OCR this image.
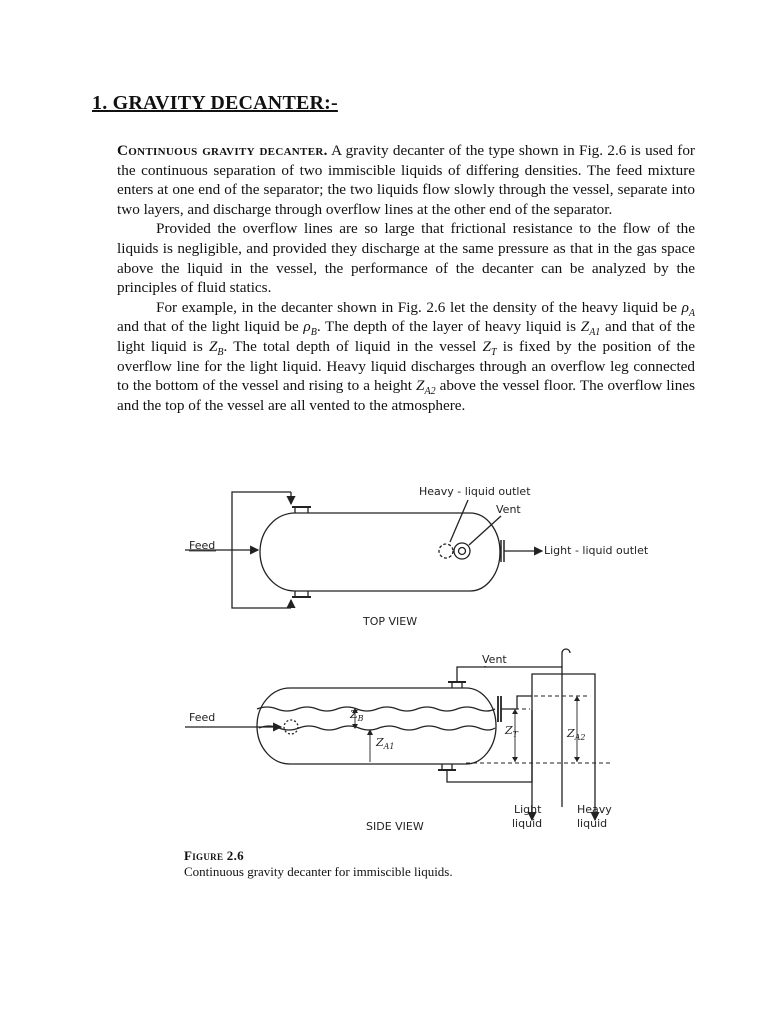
1. GRAVITY DECANTER:-

Continuous gravity decanter. A gravity decanter of the type shown in Fig. 2.6 is used for the continuous separation of two immiscible liquids of differing densities. The feed mixture enters at one end of the separator; the two liquids flow slowly through the vessel, separate into two layers, and discharge through overflow lines at the other end of the separator.

Provided the overflow lines are so large that frictional resistance to the flow of the liquids is negligible, and provided they discharge at the same pressure as that in the gas space above the liquid in the vessel, the performance of the decanter can be analyzed by the principles of fluid statics.

For example, in the decanter shown in Fig. 2.6 let the density of the heavy liquid be $\rho_A$ and that of the light liquid be $\rho_B$. The depth of the layer of heavy liquid is $Z_{A1}$ and that of the light liquid is $Z_B$. The total depth of liquid in the vessel $Z_T$ is fixed by the position of the overflow line for the light liquid. Heavy liquid discharges through an overflow leg connected to the bottom of the vessel and rising to a height $Z_{A2}$ above the vessel floor. The overflow lines and the top of the vessel are all vented to the atmosphere.

Feed
Heavy - liquid outlet
Vent
Light - liquid outlet
TOP VIEW
Vent
Feed	$Z_B$
$Z_{A1}$
$Z_T$	$Z_{A2}$
Light
liquid
Heavy
liquid
SIDE VIEW
Figure 2.6
Continuous gravity decanter for immiscible liquids.
